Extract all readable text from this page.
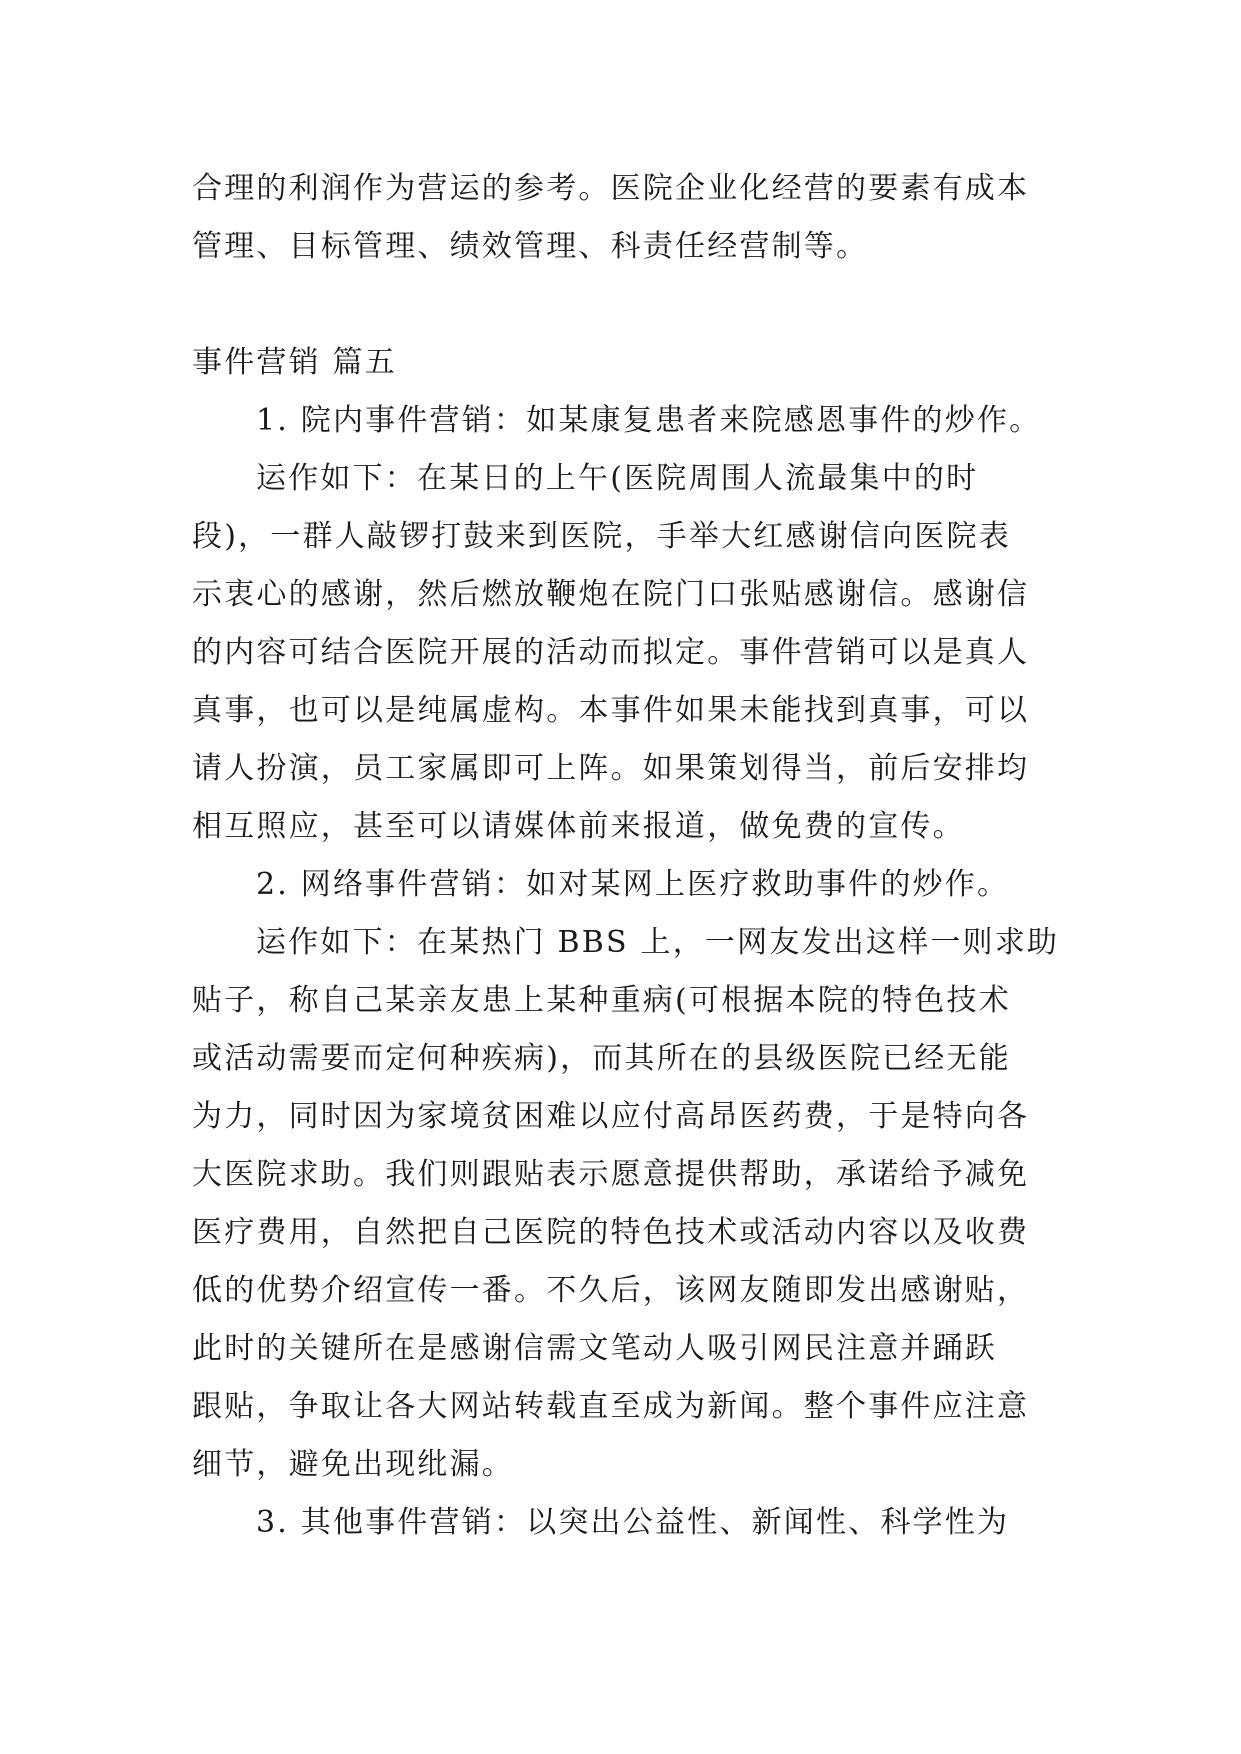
合理的利润作为营运的参考。医院企业化经营的要素有成本
管理、目标管理、绩效管理、科责任经营制等。
事件营销 篇五
1. 院内事件营销：如某康复患者来院感恩事件的炒作。
运作如下：在某日的上午(医院周围人流最集中的时
段)，一群人敲锣打鼓来到医院，手举大红感谢信向医院表
示衷心的感谢，然后燃放鞭炮在院门口张贴感谢信。感谢信
的内容可结合医院开展的活动而拟定。事件营销可以是真人
真事，也可以是纯属虚构。本事件如果未能找到真事，可以
请人扮演，员工家属即可上阵。如果策划得当，前后安排均
相互照应，甚至可以请媒体前来报道，做免费的宣传。
2. 网络事件营销：如对某网上医疗救助事件的炒作。
运作如下：在某热门 BBS 上，一网友发出这样一则求助
贴子，称自己某亲友患上某种重病(可根据本院的特色技术
或活动需要而定何种疾病)，而其所在的县级医院已经无能
为力，同时因为家境贫困难以应付高昂医药费，于是特向各
大医院求助。我们则跟贴表示愿意提供帮助，承诺给予减免
医疗费用，自然把自己医院的特色技术或活动内容以及收费
低的优势介绍宣传一番。不久后，该网友随即发出感谢贴，
此时的关键所在是感谢信需文笔动人吸引网民注意并踊跃
跟贴，争取让各大网站转载直至成为新闻。整个事件应注意
细节，避免出现纰漏。
3. 其他事件营销：以突出公益性、新闻性、科学性为
